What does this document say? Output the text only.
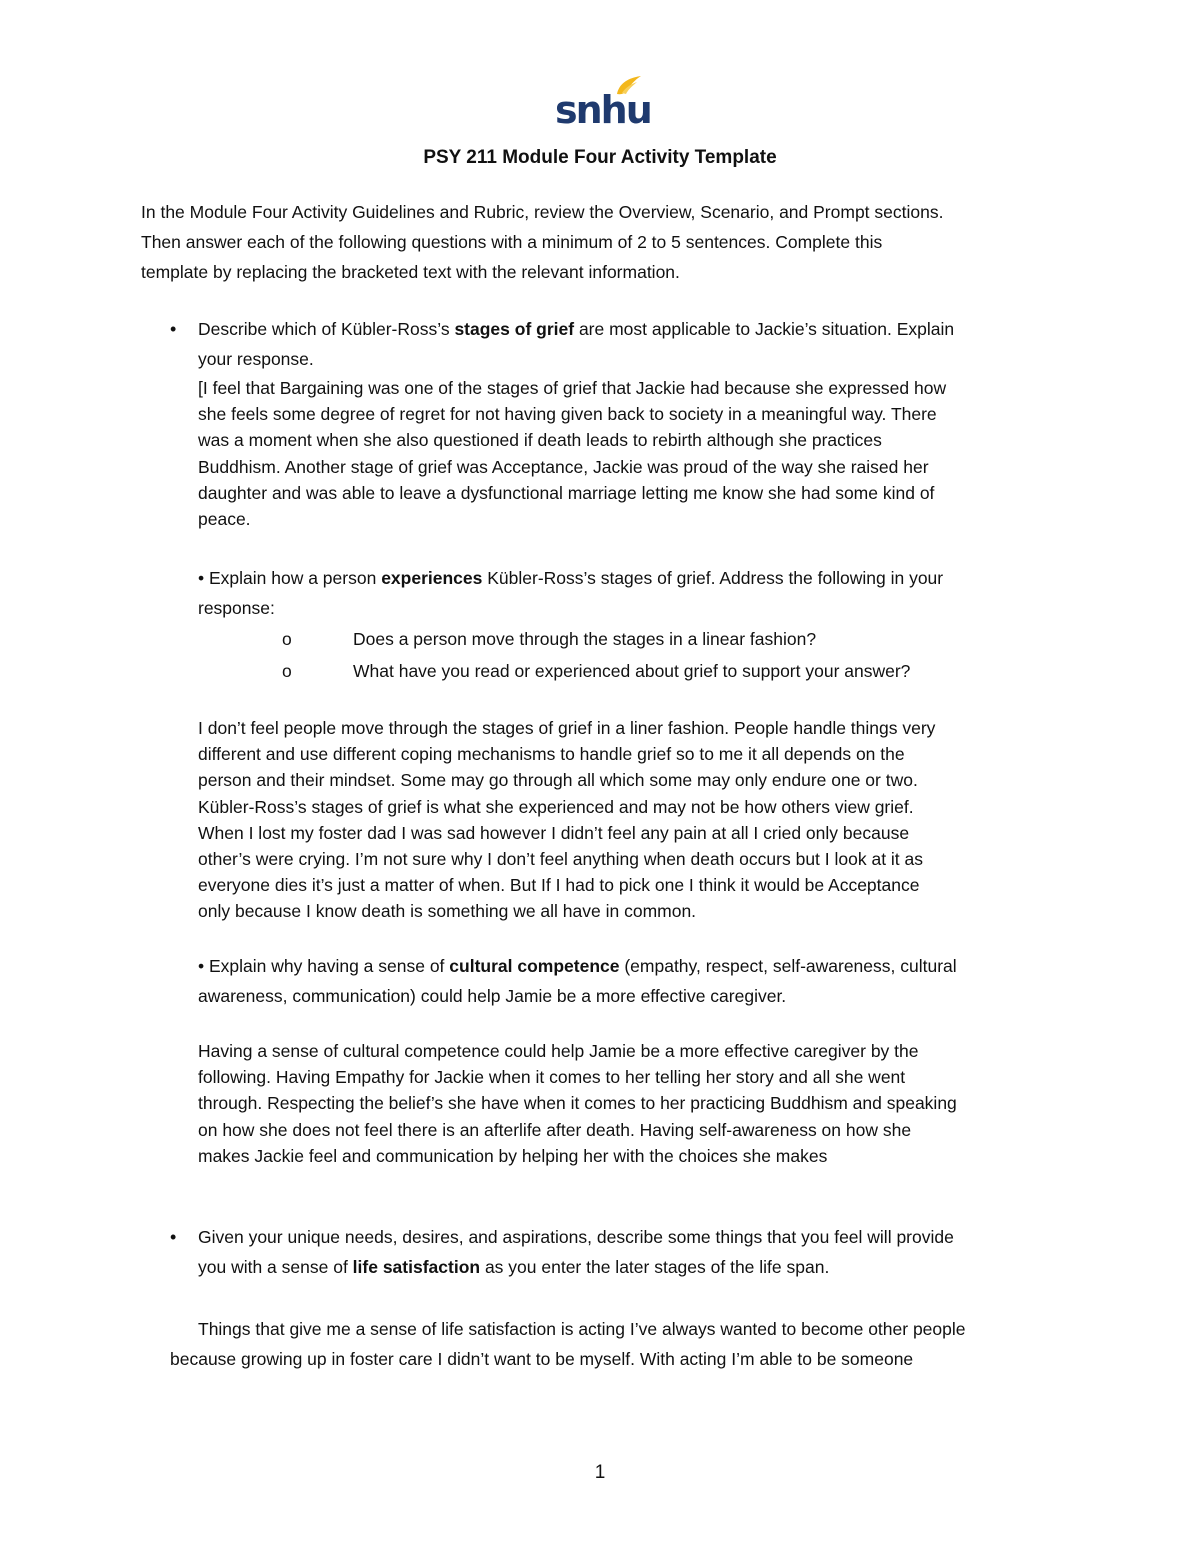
snhu
PSY 211 Module Four Activity Template
In the Module Four Activity Guidelines and Rubric, review the Overview, Scenario, and Prompt sections.
Then answer each of the following questions with a minimum of 2 to 5 sentences. Complete this
template by replacing the bracketed text with the relevant information.
• Describe which of Kübler-Ross’s stages of grief are most applicable to Jackie’s situation. Explain
your response.
[I feel that Bargaining was one of the stages of grief that Jackie had because she expressed how
she feels some degree of regret for not having given back to society in a meaningful way. There
was a moment when she also questioned if death leads to rebirth although she practices
Buddhism. Another stage of grief was Acceptance, Jackie was proud of the way she raised her
daughter and was able to leave a dysfunctional marriage letting me know she had some kind of
peace.
• Explain how a person experiences Kübler-Ross’s stages of grief. Address the following in your
response:
o	Does a person move through the stages in a linear fashion?
o	What have you read or experienced about grief to support your answer?
I don’t feel people move through the stages of grief in a liner fashion. People handle things very
different and use different coping mechanisms to handle grief so to me it all depends on the
person and their mindset. Some may go through all which some may only endure one or two.
Kübler-Ross’s stages of grief is what she experienced and may not be how others view grief.
When I lost my foster dad I was sad however I didn’t feel any pain at all I cried only because
other’s were crying. I’m not sure why I don’t feel anything when death occurs but I look at it as
everyone dies it’s just a matter of when. But If I had to pick one I think it would be Acceptance
only because I know death is something we all have in common.
• Explain why having a sense of cultural competence (empathy, respect, self-awareness, cultural
awareness, communication) could help Jamie be a more effective caregiver.
Having a sense of cultural competence could help Jamie be a more effective caregiver by the
following. Having Empathy for Jackie when it comes to her telling her story and all she went
through. Respecting the belief’s she have when it comes to her practicing Buddhism and speaking
on how she does not feel there is an afterlife after death. Having self-awareness on how she
makes Jackie feel and communication by helping her with the choices she makes
• Given your unique needs, desires, and aspirations, describe some things that you feel will provide
you with a sense of life satisfaction as you enter the later stages of the life span.
Things that give me a sense of life satisfaction is acting I’ve always wanted to become other people
because growing up in foster care I didn’t want to be myself. With acting I’m able to be someone
1
